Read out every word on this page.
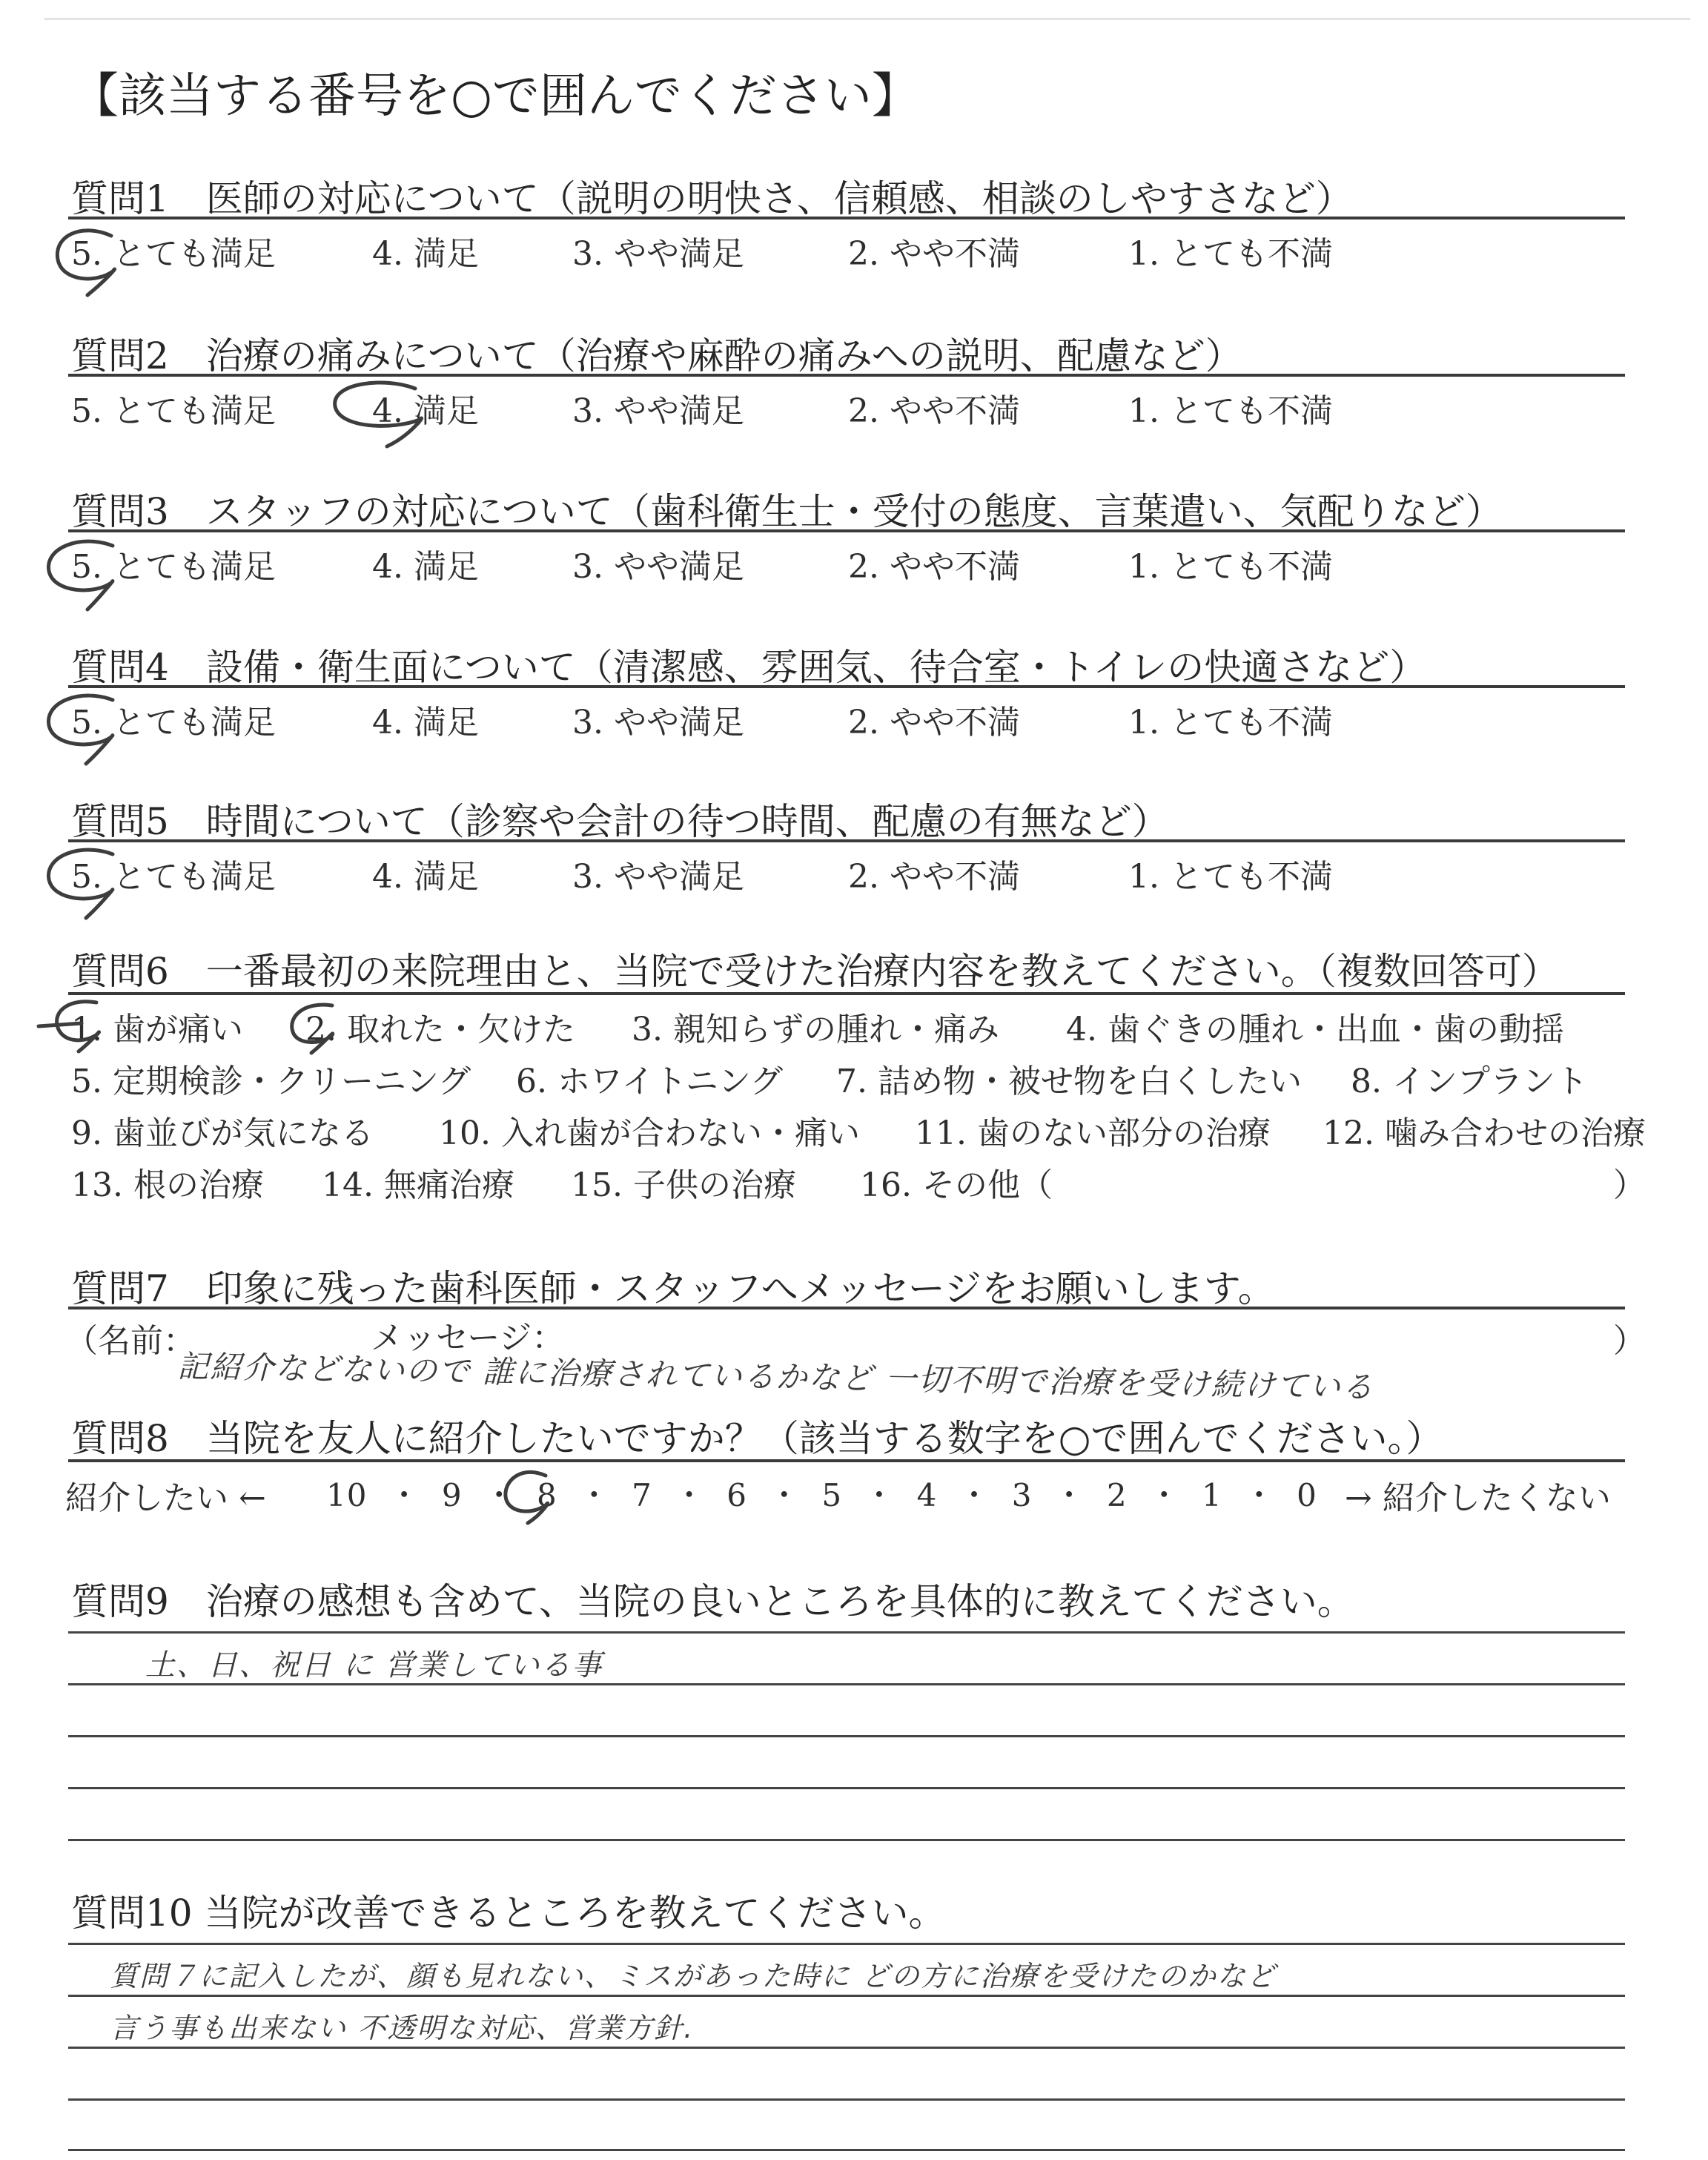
【該当する番号を○で囲んでください】
質問1　医師の対応について（説明の明快さ、信頼感、相談のしやすさなど）
5. とても満足	4. 満足	3. やや満足	2. やや不満	1. とても不満
質問2　治療の痛みについて（治療や麻酔の痛みへの説明、配慮など）
5. とても満足	4. 満足	3. やや満足	2. やや不満	1. とても不満
質問3　スタッフの対応について（歯科衛生士・受付の態度、言葉遣い、気配りなど）
5. とても満足	4. 満足	3. やや満足	2. やや不満	1. とても不満
質問4　設備・衛生面について（清潔感、雰囲気、待合室・トイレの快適さなど）
5. とても満足	4. 満足	3. やや満足	2. やや不満	1. とても不満
質問5　時間について（診察や会計の待つ時間、配慮の有無など）
5. とても満足	4. 満足	3. やや満足	2. やや不満	1. とても不満
質問6　一番最初の来院理由と、当院で受けた治療内容を教えてください。（複数回答可）
1. 歯が痛い 2. 取れた・欠けた 3. 親知らずの腫れ・痛み 4. 歯ぐきの腫れ・出血・歯の動揺
5. 定期検診・クリーニング 6. ホワイトニング 7. 詰め物・被せ物を白くしたい 8. インプラント
9. 歯並びが気になる 10. 入れ歯が合わない・痛い 11. 歯のない部分の治療 12. 噛み合わせの治療
13. 根の治療 14. 無痛治療 15. 子供の治療 16. その他（	）
質問7　印象に残った歯科医師・スタッフへメッセージをお願いします。
（名前：	メッセージ：	）
記紹介などないので 誰に治療されているかなど 一切不明で治療を受け続けている
質問8　当院を友人に紹介したいですか？（該当する数字を○で囲んでください。）
紹介したい ← 10  ・  9  ・  8  ・  7  ・  6  ・  5  ・  4  ・  3  ・  2  ・  1  ・  0 → 紹介したくない
質問9　治療の感想も含めて、当院の良いところを具体的に教えてください。
土、日、祝日 に 営業している事
質問10 当院が改善できるところを教えてください。
質問７に記入したが、顔も見れない、ミスがあった時に どの方に治療を受けたのかなど
言う事も出来ない 不透明な対応、営業方針.
